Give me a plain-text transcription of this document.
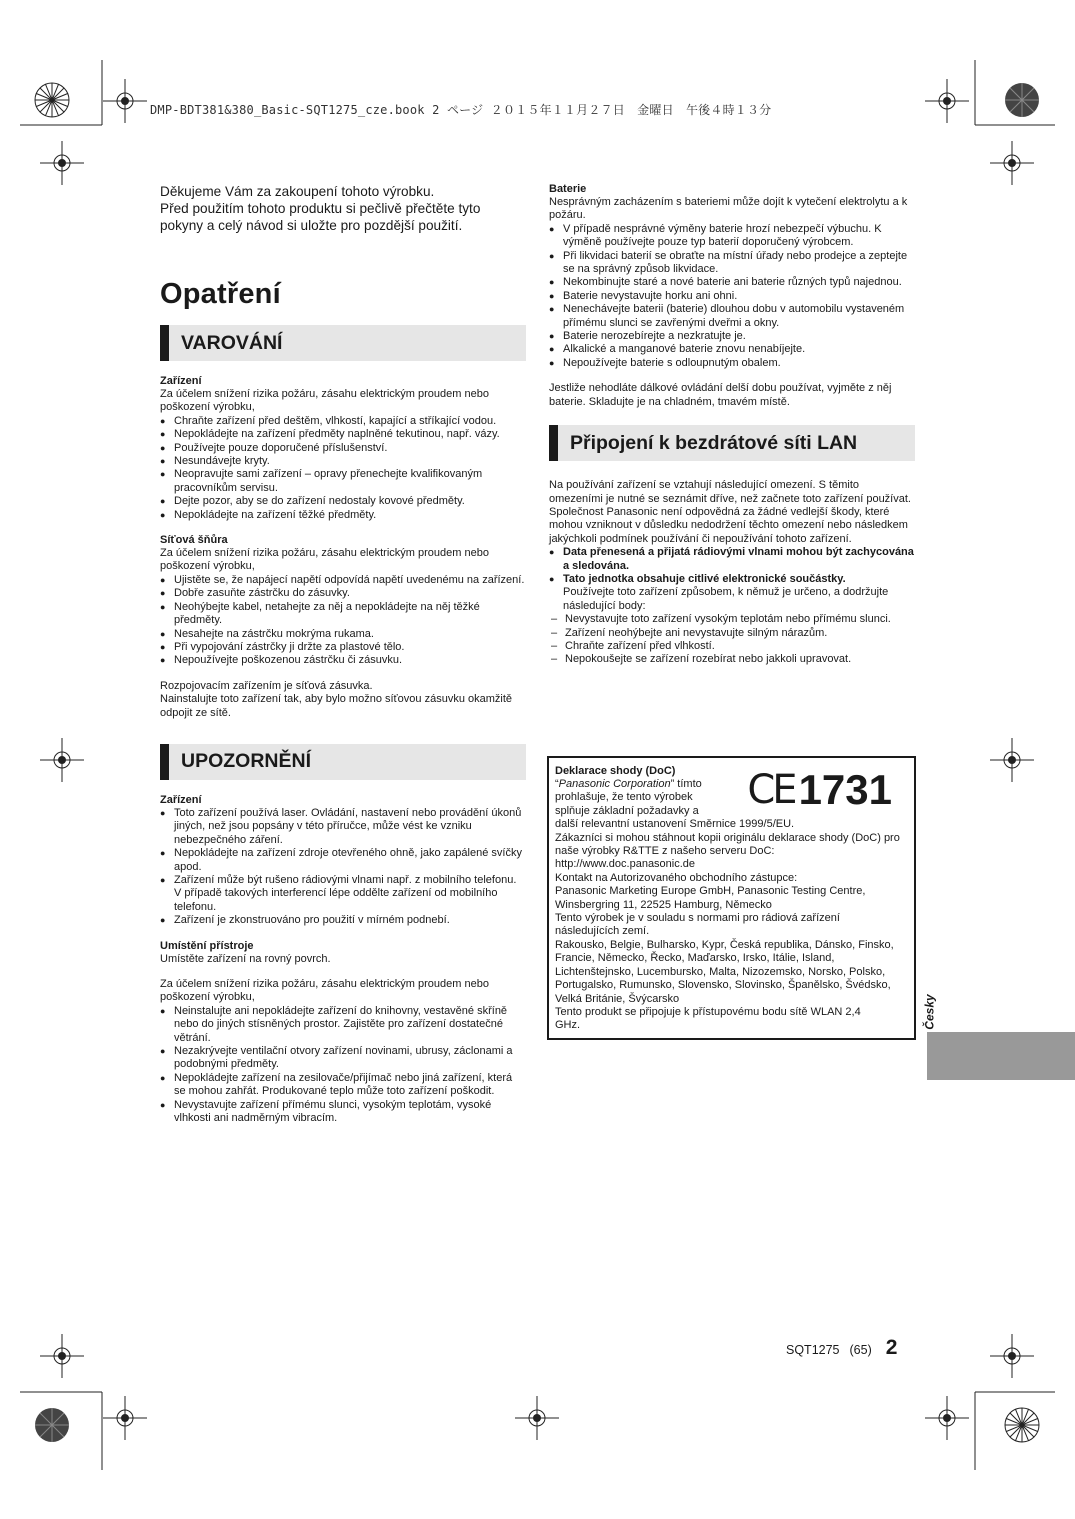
DMP-BDT381&380_Basic-SQT1275_cze.book 2 ページ ２０１５年１１月２７日　金曜日　午後４時１３分

Děkujeme Vám za zakoupení tohoto výrobku.

Před použitím tohoto produktu si pečlivě přečtěte tyto pokyny a celý návod si uložte pro pozdější použití.

Opatření
VAROVÁNÍ

Zařízení

Za účelem snížení rizika požáru, zásahu elektrickým proudem nebo poškození výrobku,

● Chraňte zařízení před deštěm, vlhkostí, kapající a stříkající vodou.
● Nepokládejte na zařízení předměty naplněné tekutinou, např. vázy.
● Používejte pouze doporučené příslušenství.
● Nesundávejte kryty.
● Neopravujte sami zařízení – opravy přenechejte kvalifikovaným pracovníkům servisu.
● Dejte pozor, aby se do zařízení nedostaly kovové předměty.
● Nepokládejte na zařízení těžké předměty.

Síťová šňůra

Za účelem snížení rizika požáru, zásahu elektrickým proudem nebo poškození výrobku,

● Ujistěte se, že napájecí napětí odpovídá napětí uvedenému na zařízení.
● Dobře zasuňte zástrčku do zásuvky.
● Neohýbejte kabel, netahejte za něj a nepokládejte na něj těžké předměty.
● Nesahejte na zástrčku mokrýma rukama.
● Při vypojování zástrčky ji držte za plastové tělo.
● Nepoužívejte poškozenou zástrčku či zásuvku.

Rozpojovacím zařízením je síťová zásuvka.

Nainstalujte toto zařízení tak, aby bylo možno síťovou zásuvku okamžitě odpojit ze sítě.

UPOZORNĚNÍ

Zařízení

● Toto zařízení používá laser. Ovládání, nastavení nebo provádění úkonů jiných, než jsou popsány v této příručce, může vést ke vzniku nebezpečného záření.
● Nepokládejte na zařízení zdroje otevřeného ohně, jako zapálené svíčky apod.
● Zařízení může být rušeno rádiovými vlnami např. z mobilního telefonu. V případě takových interferencí lépe oddělte zařízení od mobilního telefonu.
● Zařízení je zkonstruováno pro použití v mírném podnebí.

Umístění přístroje

Umístěte zařízení na rovný povrch.

Za účelem snížení rizika požáru, zásahu elektrickým proudem nebo poškození výrobku,

● Neinstalujte ani nepokládejte zařízení do knihovny, vestavěné skříně nebo do jiných stísněných prostor. Zajistěte pro zařízení dostatečné větrání.
● Nezakrývejte ventilační otvory zařízení novinami, ubrusy, záclonami a podobnými předměty.
● Nepokládejte zařízení na zesilovače/přijímač nebo jiná zařízení, která se mohou zahřát. Produkované teplo může toto zařízení poškodit.
● Nevystavujte zařízení přímému slunci, vysokým teplotám, vysoké vlhkosti ani nadměrným vibracím.

Baterie

Nesprávným zacházením s bateriemi může dojít k vytečení elektrolytu a k požáru.

● V případě nesprávné výměny baterie hrozí nebezpečí výbuchu. K výměně používejte pouze typ baterií doporučený výrobcem.
● Při likvidaci baterií se obraťte na místní úřady nebo prodejce a zeptejte se na správný způsob likvidace.
● Nekombinujte staré a nové baterie ani baterie různých typů najednou.
● Baterie nevystavujte horku ani ohni.
● Nenechávejte baterii (baterie) dlouhou dobu v automobilu vystaveném přímému slunci se zavřenými dveřmi a okny.
● Baterie nerozebírejte a nezkratujte je.
● Alkalické a manganové baterie znovu nenabíjejte.
● Nepoužívejte baterie s odloupnutým obalem.

Jestliže nehodláte dálkové ovládání delší dobu používat, vyjměte z něj baterie. Skladujte je na chladném, tmavém místě.

Připojení k bezdrátové síti LAN

Na používání zařízení se vztahují následující omezení. S těmito omezeními je nutné se seznámit dříve, než začnete toto zařízení používat.

Společnost Panasonic není odpovědná za žádné vedlejší škody, které mohou vzniknout v důsledku nedodržení těchto omezení nebo následkem jakýchkoli podmínek používání či nepoužívání tohoto zařízení.

● Data přenesená a přijatá rádiovými vlnami mohou být zachycována a sledována.
● Tato jednotka obsahuje citlivé elektronické součástky.
Používejte toto zařízení způsobem, k němuž je určeno, a dodržujte následující body:
– Nevystavujte toto zařízení vysokým teplotám nebo přímému slunci.
– Zařízení neohýbejte ani nevystavujte silným nárazům.
– Chraňte zařízení před vlhkostí.
– Nepokoušejte se zařízení rozebírat nebo jakkoli upravovat.
CE 1731

Deklarace shody (DoC)

“Panasonic Corporation” tímto

prohlašuje, že tento výrobek

splňuje základní požadavky a

další relevantní ustanovení Směrnice 1999/5/EU.

Zákazníci si mohou stáhnout kopii originálu deklarace shody (DoC) pro naše výrobky R&TTE z našeho serveru DoC:

http://www.doc.panasonic.de

Kontakt na Autorizovaného obchodního zástupce:

Panasonic Marketing Europe GmbH, Panasonic Testing Centre, Winsbergring 11, 22525 Hamburg, Německo

Tento výrobek je v souladu s normami pro rádiová zařízení následujících zemí.

Rakousko, Belgie, Bulharsko, Kypr, Česká republika, Dánsko, Finsko, Francie, Německo, Řecko, Maďarsko, Irsko, Itálie, Island, Lichtenštejnsko, Lucembursko, Malta, Nizozemsko, Norsko, Polsko, Portugalsko, Rumunsko, Slovensko, Slovinsko, Španělsko, Švédsko, Velká Británie, Švýcarsko

Tento produkt se připojuje k přístupovému bodu sítě WLAN 2,4 GHz.	Česky
SQT1275 (65) 2
